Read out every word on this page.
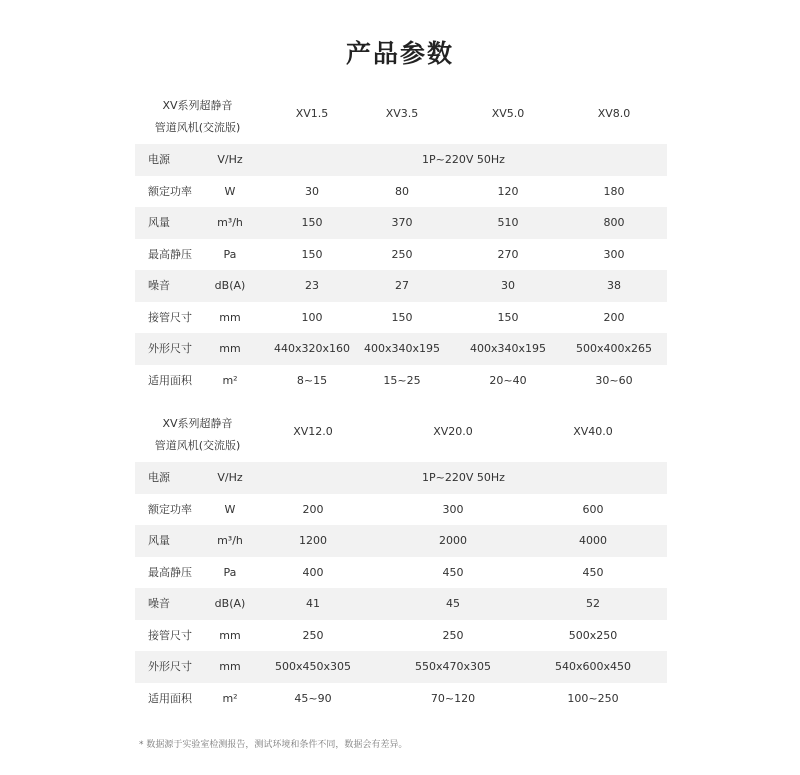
产品参数
XV系列超静音
管道风机(交流版)
XV1.5	XV3.5	XV5.0	XV8.0
电源	V/Hz	1P~220V 50Hz
额定功率	W	30	80	120	180
风量	m³/h	150	370	510	800
最高静压	Pa	150	250	270	300
噪音	dB(A)	23	27	30	38
接管尺寸	mm	100	150	150	200
外形尺寸	mm	440x320x160	400x340x195	400x340x195	500x400x265
适用面积	m²	8~15	15~25	20~40	30~60
XV系列超静音
管道风机(交流版)
XV12.0	XV20.0	XV40.0
电源	V/Hz	1P~220V 50Hz
额定功率	W	200	300	600
风量	m³/h	1200	2000	4000
最高静压	Pa	400	450	450
噪音	dB(A)	41	45	52
接管尺寸	mm	250	250	500x250
外形尺寸	mm	500x450x305	550x470x305	540x600x450
适用面积	m²	45~90	70~120	100~250
* 数据源于实验室检测报告，测试环境和条件不同，数据会有差异。
